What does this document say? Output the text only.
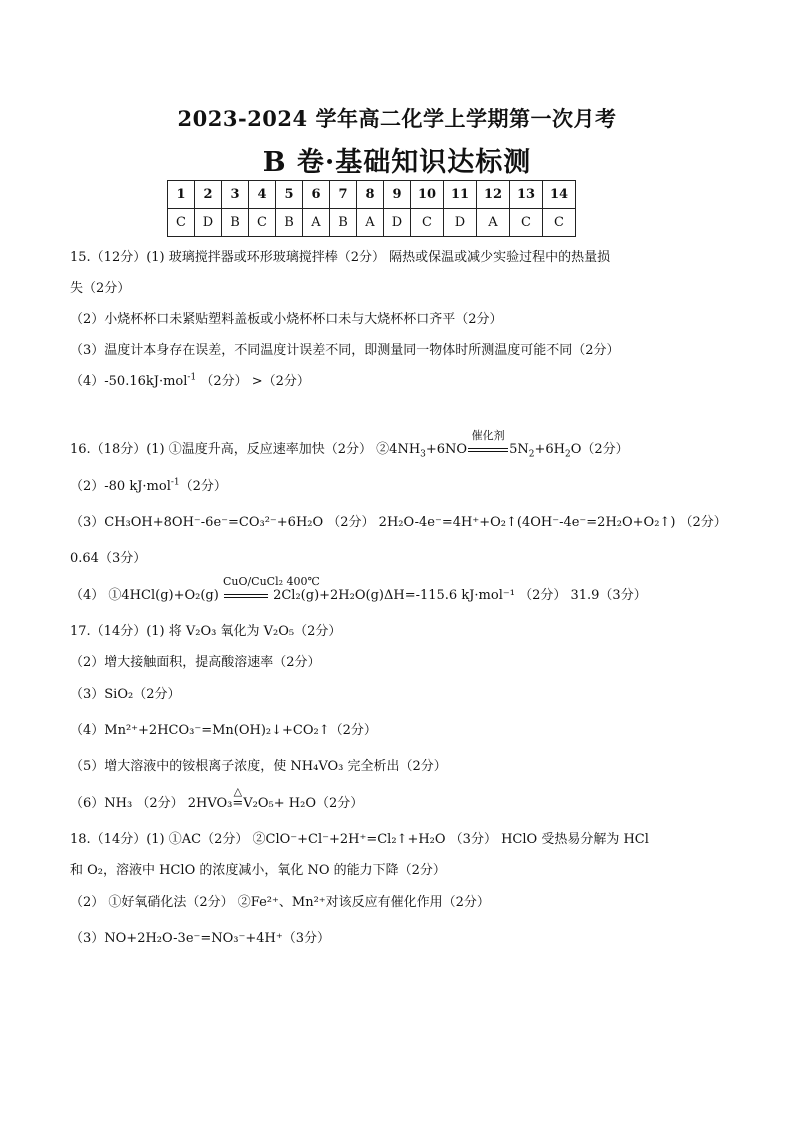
2023-2024 学年高二化学上学期第一次月考
B 卷·基础知识达标测
1	2	3	4	5	6	7	8	9	10	11	12	13	14
C	D	B	C	B	A	B	A	D	C	D	A	C	C
15.（12分）(1) 玻璃搅拌器或环形玻璃搅拌棒（2分） 隔热或保温或减少实验过程中的热量损
失（2分）
（2）小烧杯杯口未紧贴塑料盖板或小烧杯杯口未与大烧杯杯口齐平（2分）
（3）温度计本身存在误差，不同温度计误差不同，即测量同一物体时所测温度可能不同（2分）
（4）-50.16kJ·mol$^{-1}$ （2分） >（2分）
16.（18分）(1) ①温度升高，反应速率加快（2分） $②4NH_3+6NO$
催化剂
$5N_2+6H_2O(2$分）
（2）-80 kJ·mol$^{-1}$（2分）
（3）CH₃OH+8OH⁻-6e⁻=CO₃²⁻+6H₂O （2分） 2H₂O-4e⁻=4H⁺+O₂↑(4OH⁻-4e⁻=2H₂O+O₂↑) （2分）
0.64（3分）
（4） ①4HCl(g)+O₂(g)
CuO/CuCl₂ 400℃
2Cl₂(g)+2H₂O(g)ΔH=-115.6 kJ·mol⁻¹ （2分） 31.9（3分）
17.（14分）(1) 将 V₂O₃ 氧化为 V₂O₅（2分）
（2）增大接触面积，提高酸溶速率（2分）
（3）SiO₂（2分）
（4）Mn²⁺+2HCO₃⁻=Mn(OH)₂↓+CO₂↑（2分）
（5）增大溶液中的铵根离子浓度，使 NH₄VO₃ 完全析出（2分）
（6）NH₃ （2分） 2HVO₃
△
=V₂O₅+ H₂O（2分）
18.（14分）(1) ①AC（2分） ②ClO⁻+Cl⁻+2H⁺=Cl₂↑+H₂O （3分） HClO 受热易分解为 HCl
和 O₂，溶液中 HClO 的浓度减小，氧化 NO 的能力下降（2分）
（2） ①好氧硝化法（2分） ②Fe²⁺、Mn²⁺对该反应有催化作用（2分）
（3）NO+2H₂O-3e⁻=NO₃⁻+4H⁺（3分）
